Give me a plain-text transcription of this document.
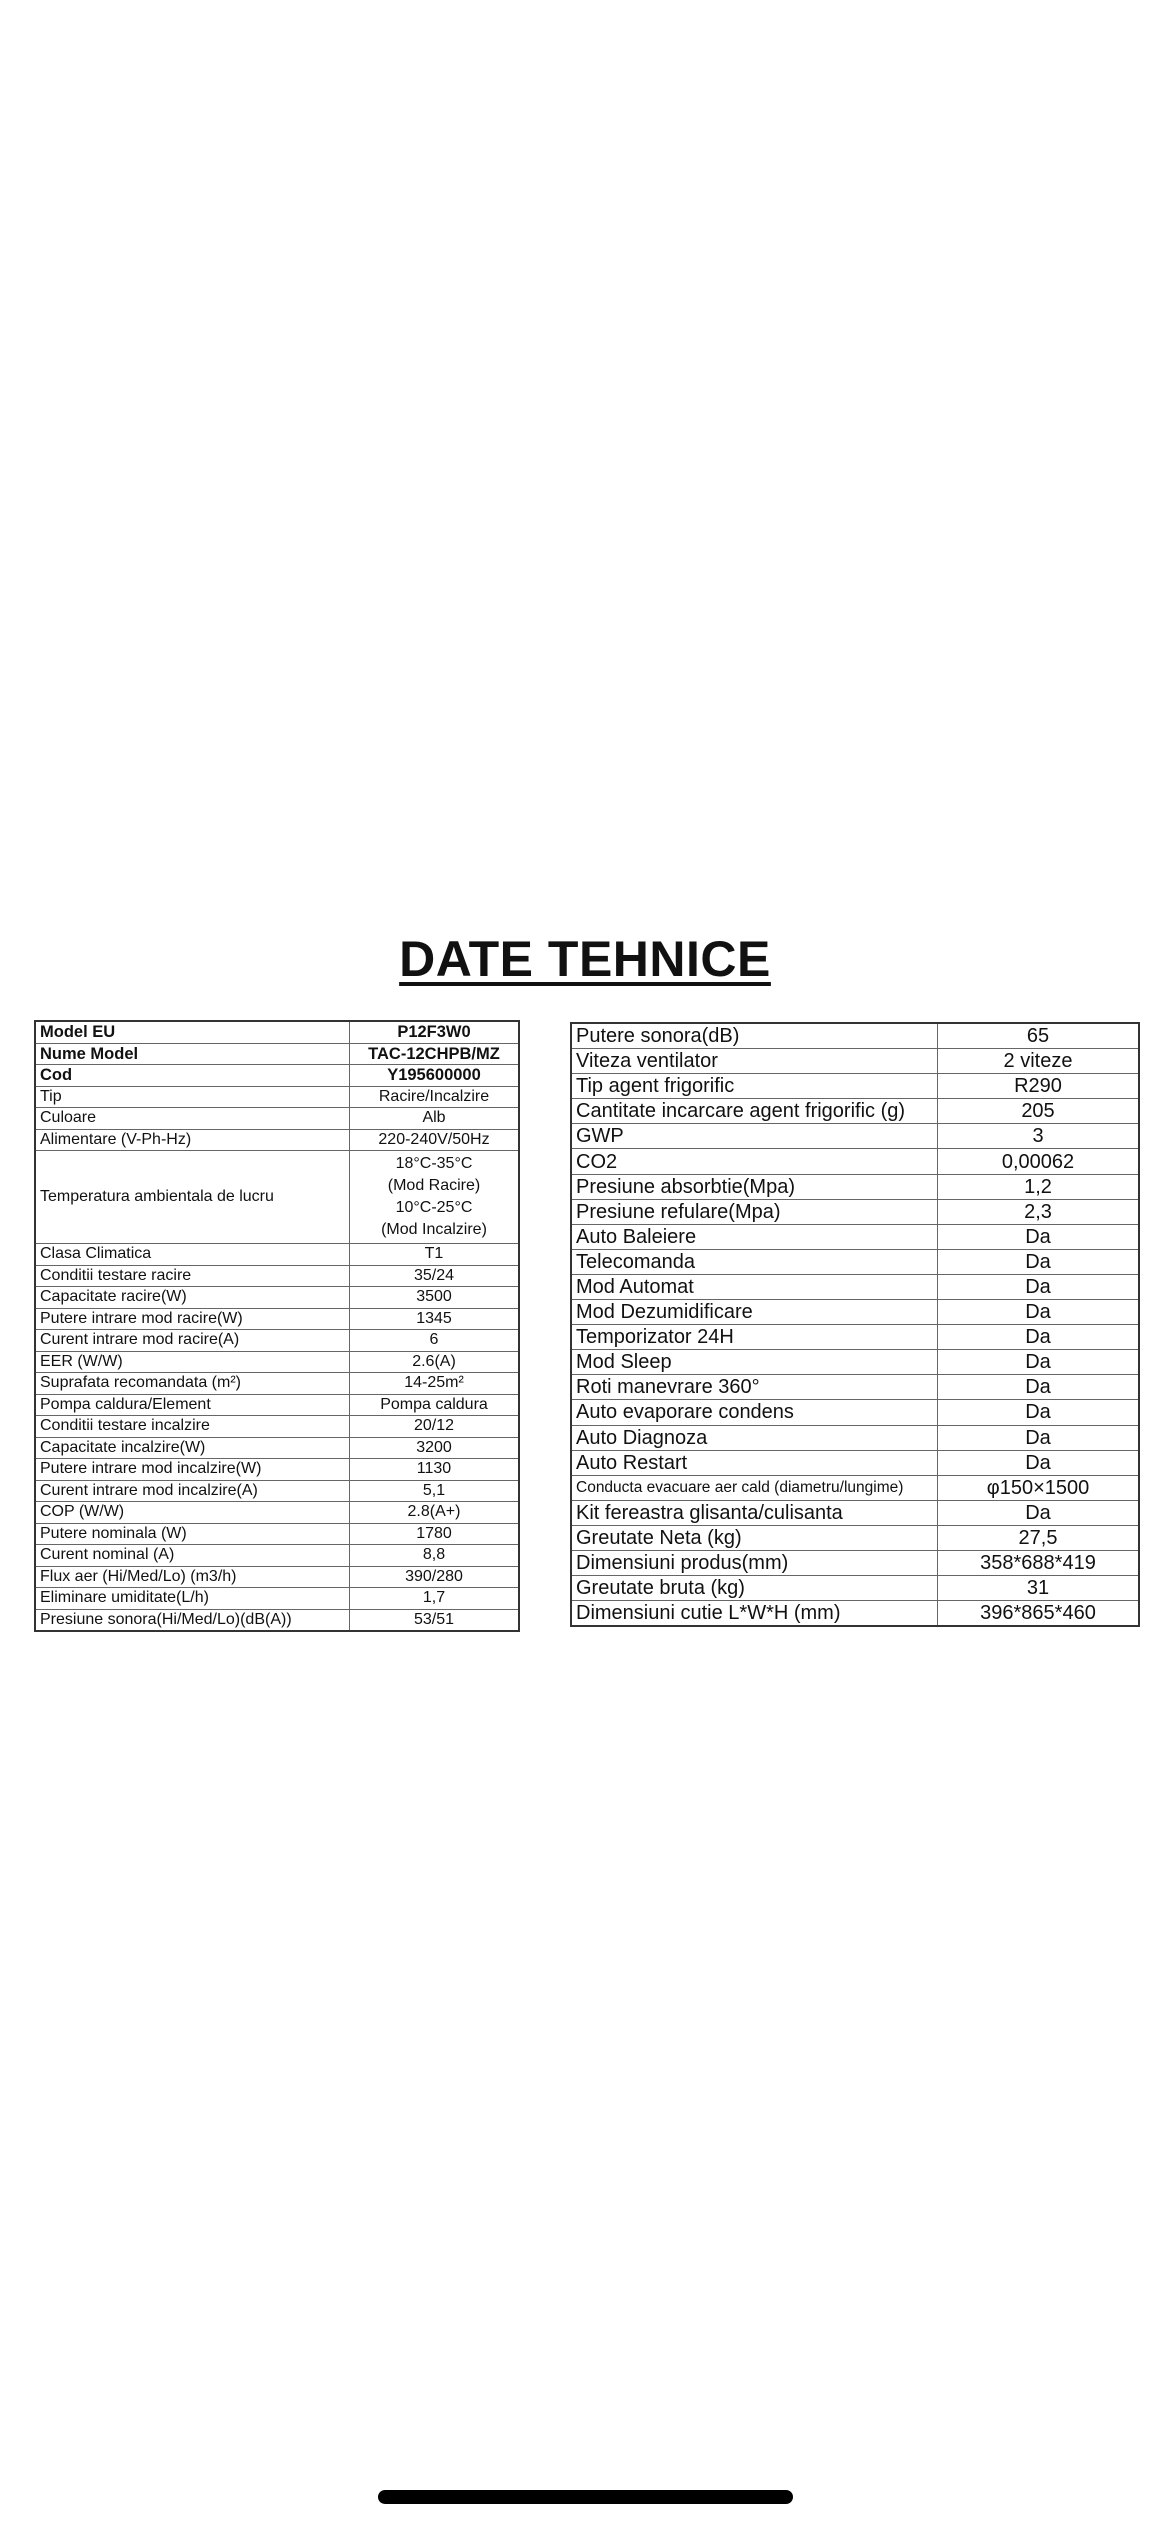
DATE TEHNICE
Model EU	P12F3W0
Nume Model	TAC-12CHPB/MZ
Cod	Y195600000
Tip	Racire/Incalzire
Culoare	Alb
Alimentare (V-Ph-Hz)	220-240V/50Hz
Temperatura ambientala de lucru	18°C-35°C
(Mod Racire)
10°C-25°C
(Mod Incalzire)

Clasa Climatica	T1
Conditii testare racire	35/24
Capacitate racire(W)	3500
Putere intrare mod racire(W)	1345
Curent intrare mod racire(A)	6
EER (W/W)	2.6(A)
Suprafata recomandata (m²)	14-25m²
Pompa caldura/Element	Pompa caldura
Conditii testare incalzire	20/12
Capacitate incalzire(W)	3200
Putere intrare mod incalzire(W)	1130
Curent intrare mod incalzire(A)	5,1
COP (W/W)	2.8(A+)
Putere nominala (W)	1780
Curent nominal (A)	8,8
Flux aer (Hi/Med/Lo) (m3/h)	390/280
Eliminare umiditate(L/h)	1,7
Presiune sonora(Hi/Med/Lo)(dB(A))	53/51
Putere sonora(dB)	65
Viteza ventilator	2 viteze
Tip agent frigorific	R290
Cantitate incarcare agent frigorific (g)	205
GWP	3
CO2	0,00062
Presiune absorbtie(Mpa)	1,2
Presiune refulare(Mpa)	2,3
Auto Baleiere	Da
Telecomanda	Da
Mod Automat	Da
Mod Dezumidificare	Da
Temporizator 24H	Da
Mod Sleep	Da
Roti manevrare 360°	Da
Auto evaporare condens	Da
Auto Diagnoza	Da
Auto Restart	Da
Conducta evacuare aer cald (diametru/lungime)	φ150×1500
Kit fereastra glisanta/culisanta	Da
Greutate Neta (kg)	27,5
Dimensiuni produs(mm)	358*688*419
Greutate bruta (kg)	31
Dimensiuni cutie L*W*H (mm)	396*865*460
